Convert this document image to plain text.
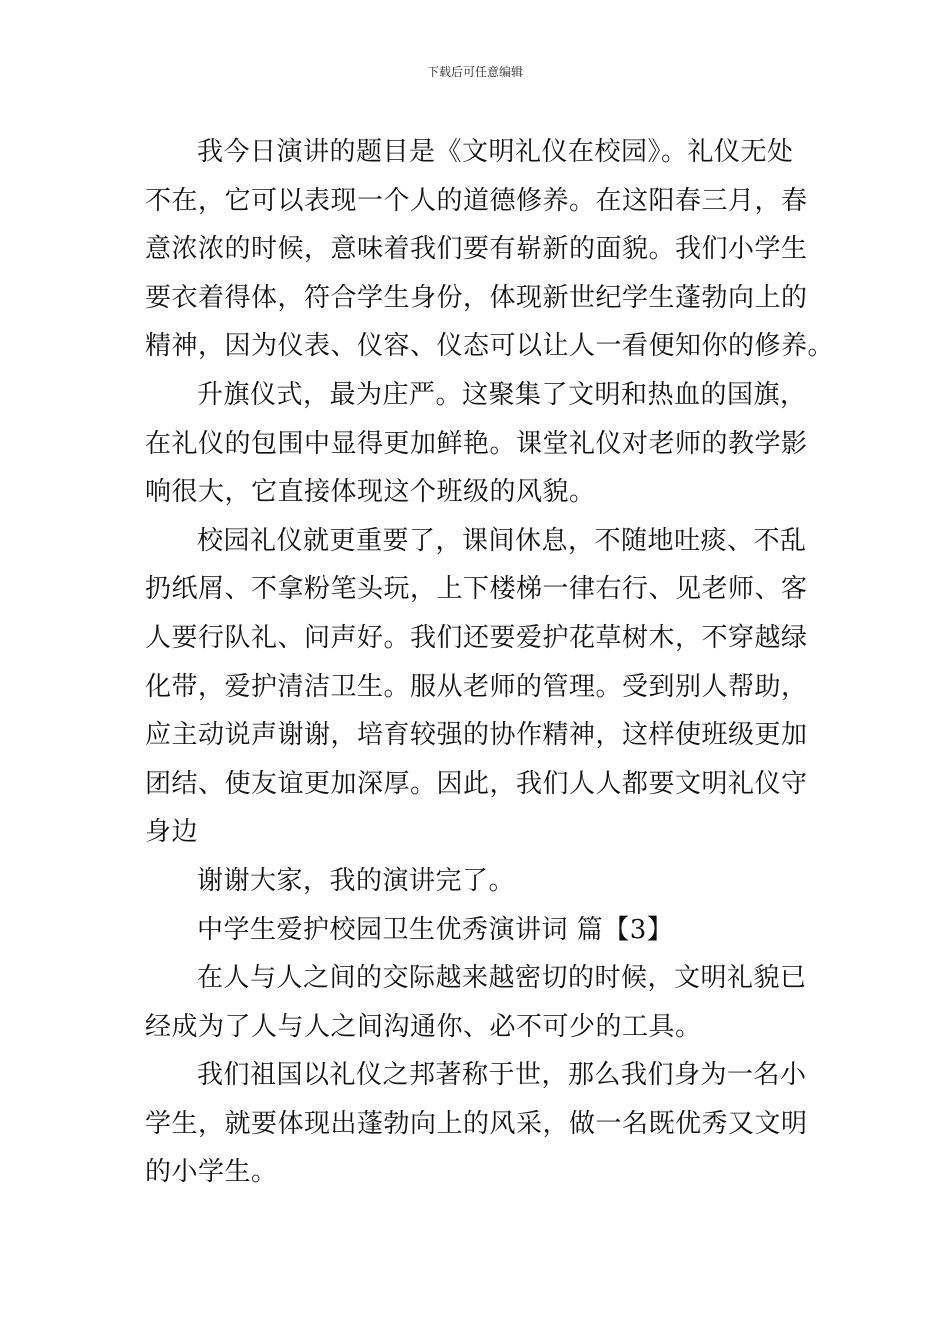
下载后可任意编辑
我今日演讲的题目是《文明礼仪在校园》。礼仪无处
不在，它可以表现一个人的道德修养。在这阳春三月，春
意浓浓的时候，意味着我们要有崭新的面貌。我们小学生
要衣着得体，符合学生身份，体现新世纪学生蓬勃向上的
精神，因为仪表、仪容、仪态可以让人一看便知你的修养。
升旗仪式，最为庄严。这聚集了文明和热血的国旗，
在礼仪的包围中显得更加鲜艳。课堂礼仪对老师的教学影
响很大，它直接体现这个班级的风貌。
校园礼仪就更重要了，课间休息，不随地吐痰、不乱
扔纸屑、不拿粉笔头玩，上下楼梯一律右行、见老师、客
人要行队礼、问声好。我们还要爱护花草树木，不穿越绿
化带，爱护清洁卫生。服从老师的管理。受到别人帮助，
应主动说声谢谢，培育较强的协作精神，这样使班级更加
团结、使友谊更加深厚。因此，我们人人都要文明礼仪守
身边
谢谢大家，我的演讲完了。
中学生爱护校园卫生优秀演讲词 篇【3】
在人与人之间的交际越来越密切的时候，文明礼貌已
经成为了人与人之间沟通你、必不可少的工具。
我们祖国以礼仪之邦著称于世，那么我们身为一名小
学生，就要体现出蓬勃向上的风采，做一名既优秀又文明
的小学生。
